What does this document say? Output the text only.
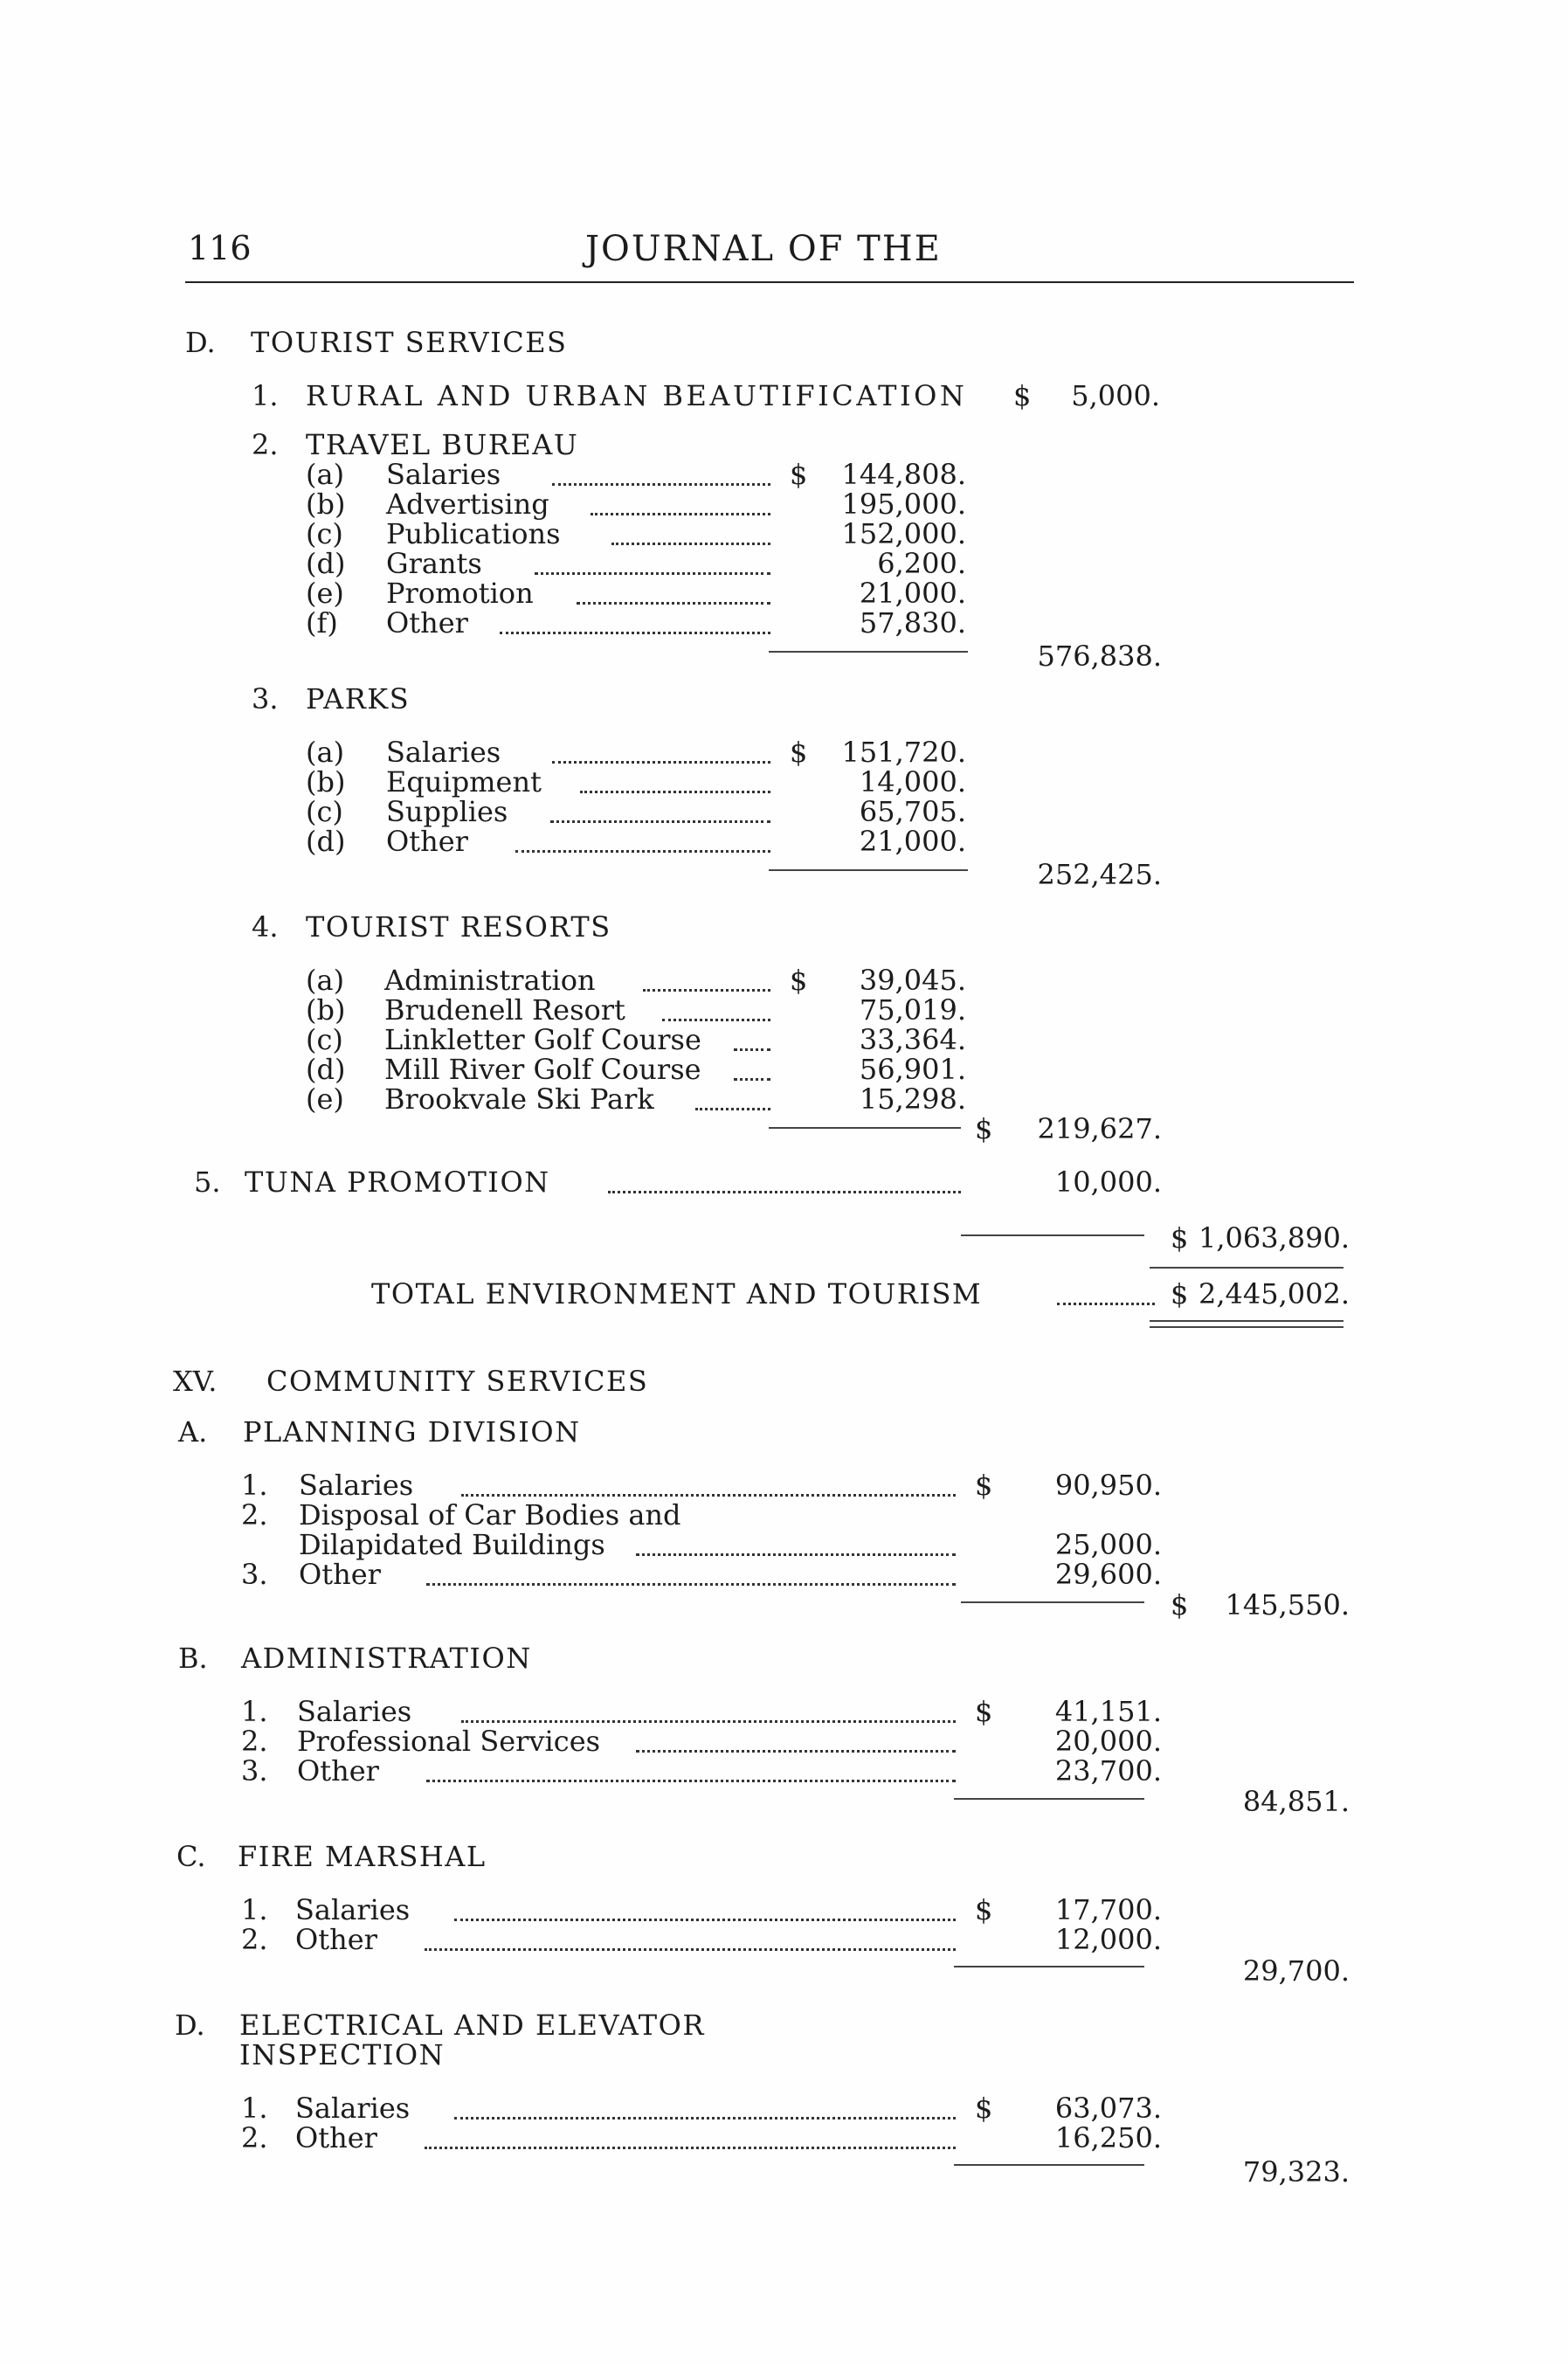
116	JOURNAL OF THE
D. TOURIST SERVICES
1. RURAL AND URBAN BEAUTIFICATION $	5,000.
2. TRAVEL BUREAU
(a) Salaries	$	144,808.
(b) Advertising	195,000.
(c) Publications	152,000.
(d) Grants	6,200.
(e) Promotion	21,000.
(f) Other	57,830.
576,838.
3. PARKS
(a) Salaries	$	151,720.
(b) Equipment	14,000.
(c) Supplies	65,705.
(d) Other	21,000.
252,425.
4. TOURIST RESORTS
(a) Administration	$	39,045.
(b) Brudenell Resort	75,019.
(c) Linkletter Golf Course	33,364.
(d) Mill River Golf Course	56,901.
(e) Brookvale Ski Park	15,298.
$	219,627.
5. TUNA PROMOTION	10,000.
$ 1,063,890.
TOTAL ENVIRONMENT AND TOURISM	$ 2,445,002.
XV. COMMUNITY SERVICES
A. PLANNING DIVISION
1. Salaries	$	90,950.
2. Disposal of Car Bodies and
Dilapidated Buildings	25,000.
3. Other	29,600.
$	145,550.
B. ADMINISTRATION
1. Salaries	$	41,151.
2. Professional Services	20,000.
3. Other	23,700.
84,851.
C. FIRE MARSHAL
1. Salaries	$	17,700.
2. Other	12,000.
29,700.
D. ELECTRICAL AND ELEVATOR
INSPECTION
1. Salaries	$	63,073.
2. Other	16,250.
79,323.
